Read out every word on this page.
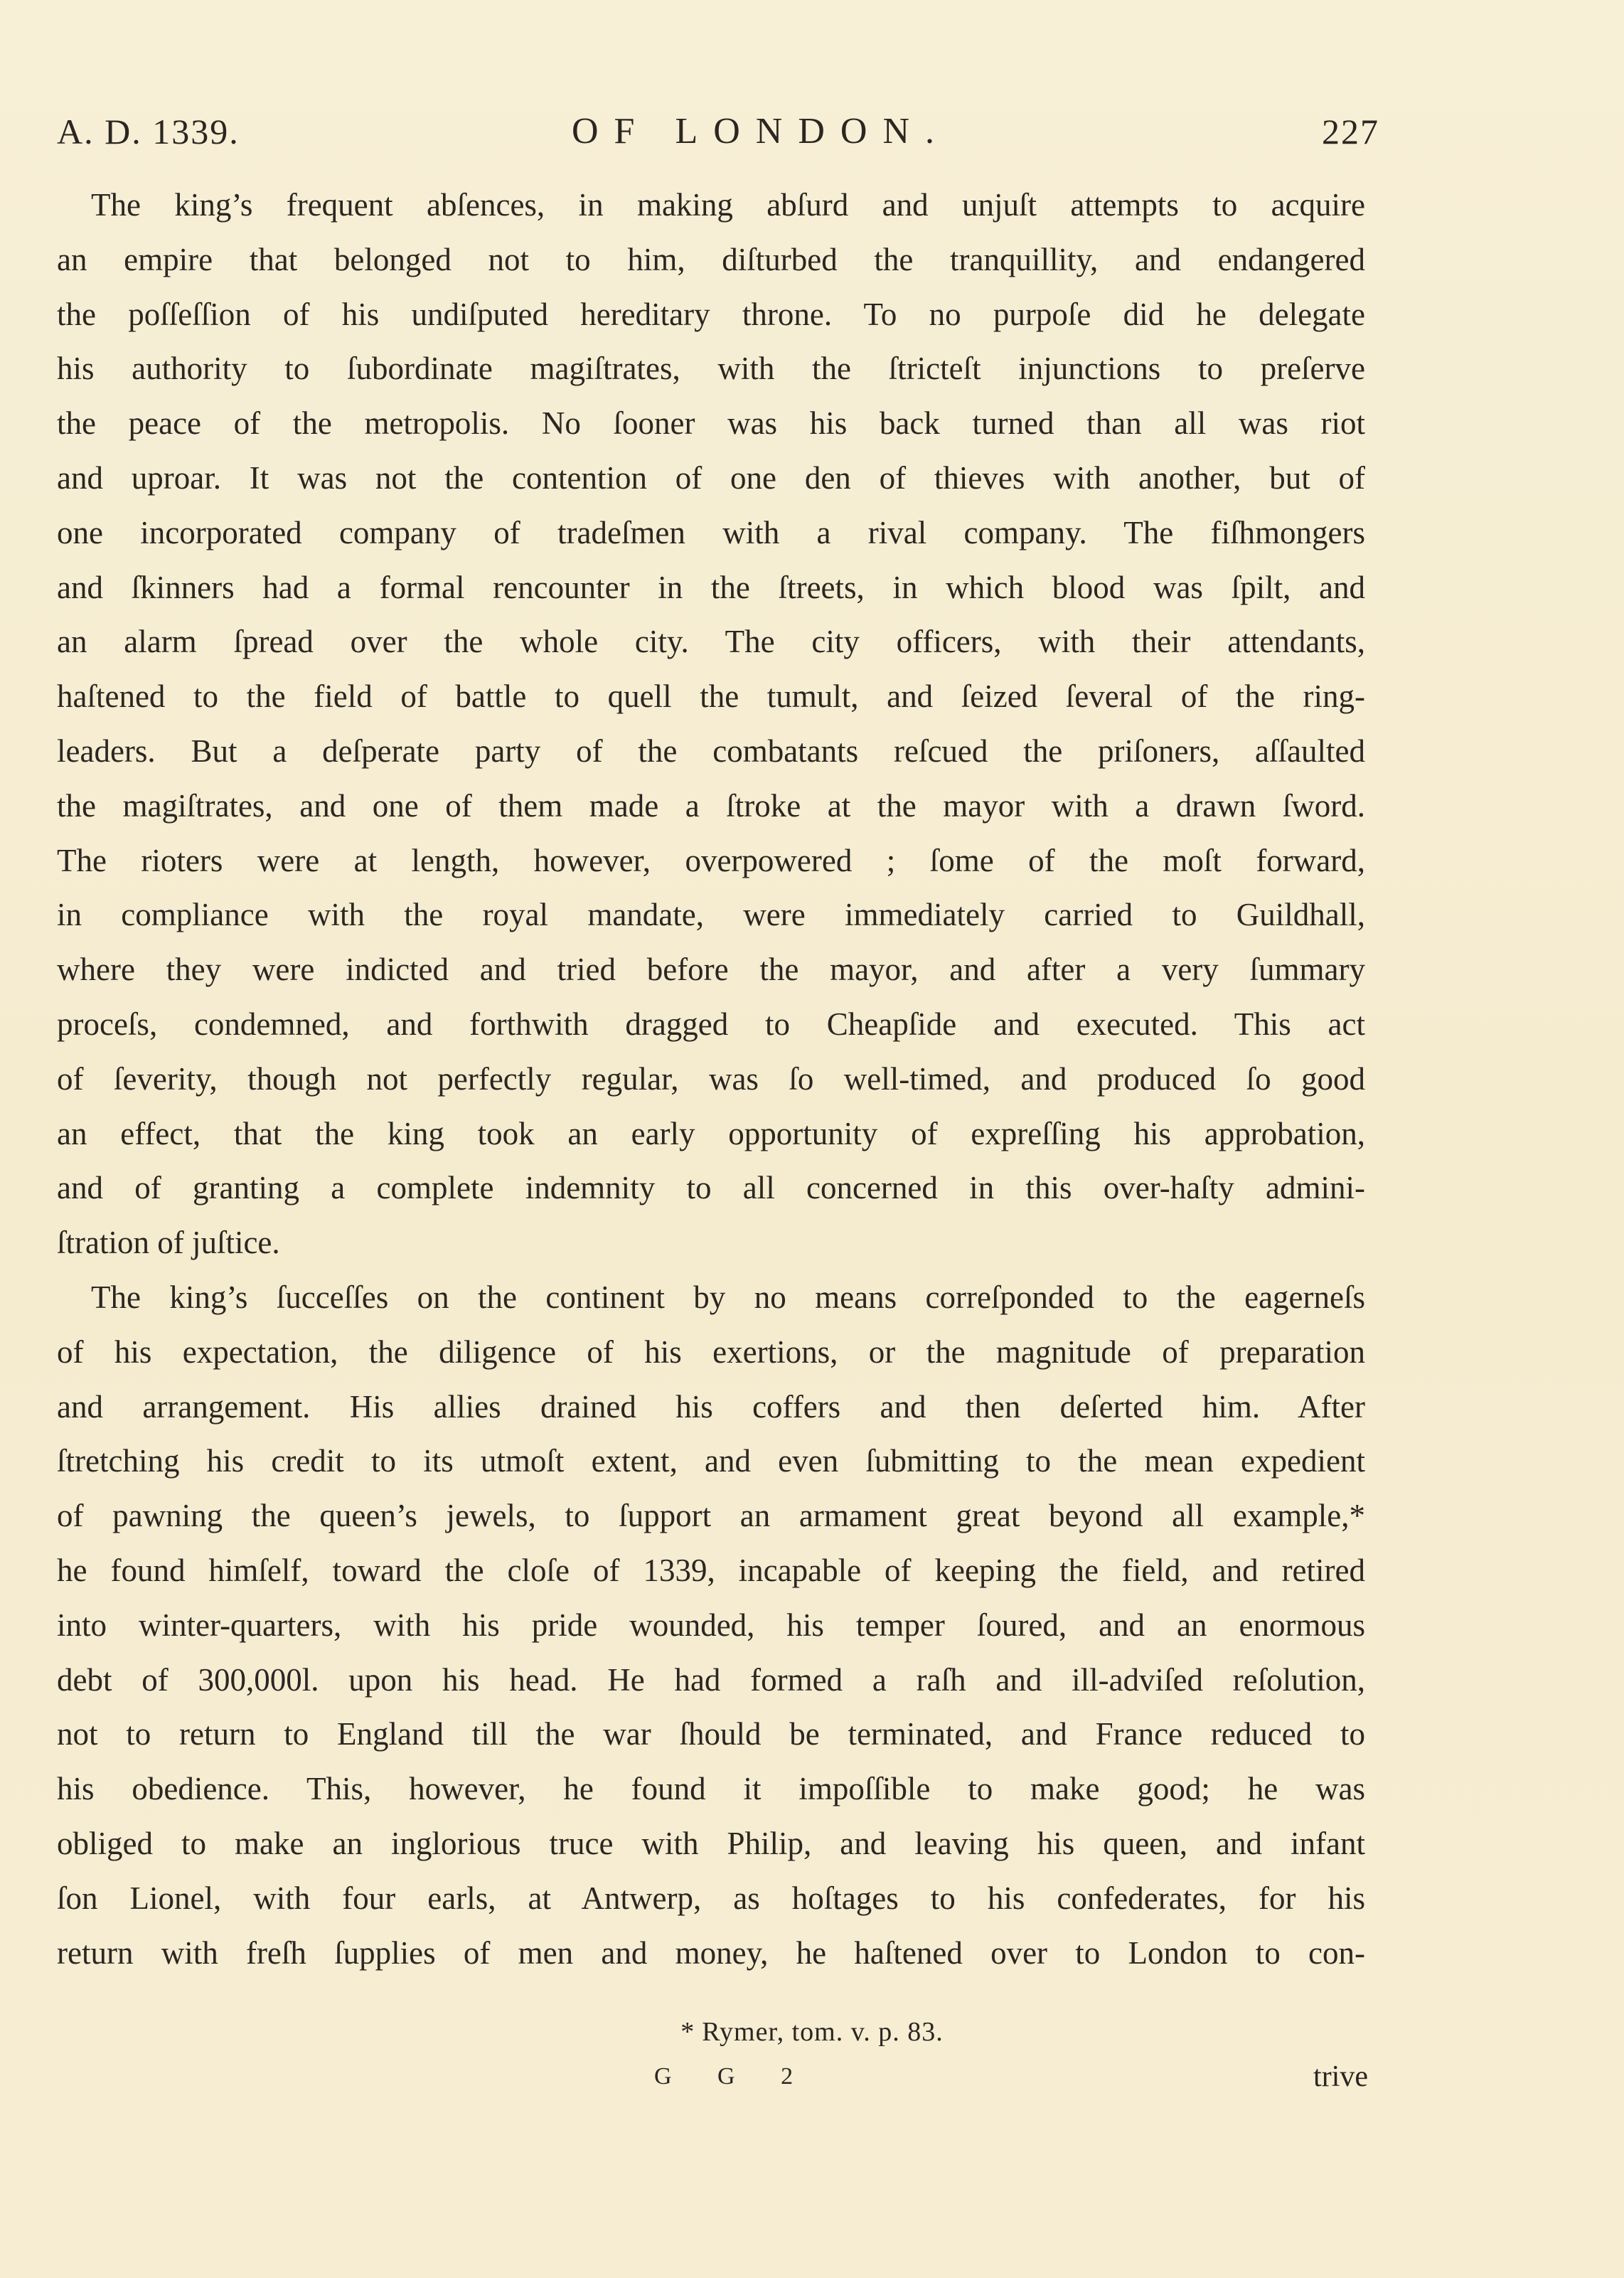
A. D. 1339.	OF LONDON.	227
The king’s frequent abſences, in making abſurd and unjuſt attempts to acquire
an empire that belonged not to him, diſturbed the tranquillity, and endangered
the poſſeſſion of his undiſputed hereditary throne. To no purpoſe did he delegate
his authority to ſubordinate magiſtrates, with the ſtricteſt injunctions to preſerve
the peace of the metropolis. No ſooner was his back turned than all was riot
and uproar. It was not the contention of one den of thieves with another, but of
one incorporated company of tradeſmen with a rival company. The fiſhmongers
and ſkinners had a formal rencounter in the ſtreets, in which blood was ſpilt, and
an alarm ſpread over the whole city. The city officers, with their attendants,
haſtened to the field of battle to quell the tumult, and ſeized ſeveral of the ring-
leaders. But a deſperate party of the combatants reſcued the priſoners, aſſaulted
the magiſtrates, and one of them made a ſtroke at the mayor with a drawn ſword.
The rioters were at length, however, overpowered ; ſome of the moſt forward,
in compliance with the royal mandate, were immediately carried to Guildhall,
where they were indicted and tried before the mayor, and after a very ſummary
proceſs, condemned, and forthwith dragged to Cheapſide and executed. This act
of ſeverity, though not perfectly regular, was ſo well-timed, and produced ſo good
an effect, that the king took an early opportunity of expreſſing his approbation,
and of granting a complete indemnity to all concerned in this over-haſty admini-
ſtration of juſtice.
The king’s ſucceſſes on the continent by no means correſponded to the eagerneſs
of his expectation, the diligence of his exertions, or the magnitude of preparation
and arrangement. His allies drained his coffers and then deſerted him. After
ſtretching his credit to its utmoſt extent, and even ſubmitting to the mean expedient
of pawning the queen’s jewels, to ſupport an armament great beyond all example,*
he found himſelf, toward the cloſe of 1339, incapable of keeping the field, and retired
into winter-quarters, with his pride wounded, his temper ſoured, and an enormous
debt of 300,000l. upon his head. He had formed a raſh and ill-adviſed reſolution,
not to return to England till the war ſhould be terminated, and France reduced to
his obedience. This, however, he found it impoſſible to make good; he was
obliged to make an inglorious truce with Philip, and leaving his queen, and infant
ſon Lionel, with four earls, at Antwerp, as hoſtages to his confederates, for his
return with freſh ſupplies of men and money, he haſtened over to London to con-
* Rymer, tom. v. p. 83.
G G 2	trive
